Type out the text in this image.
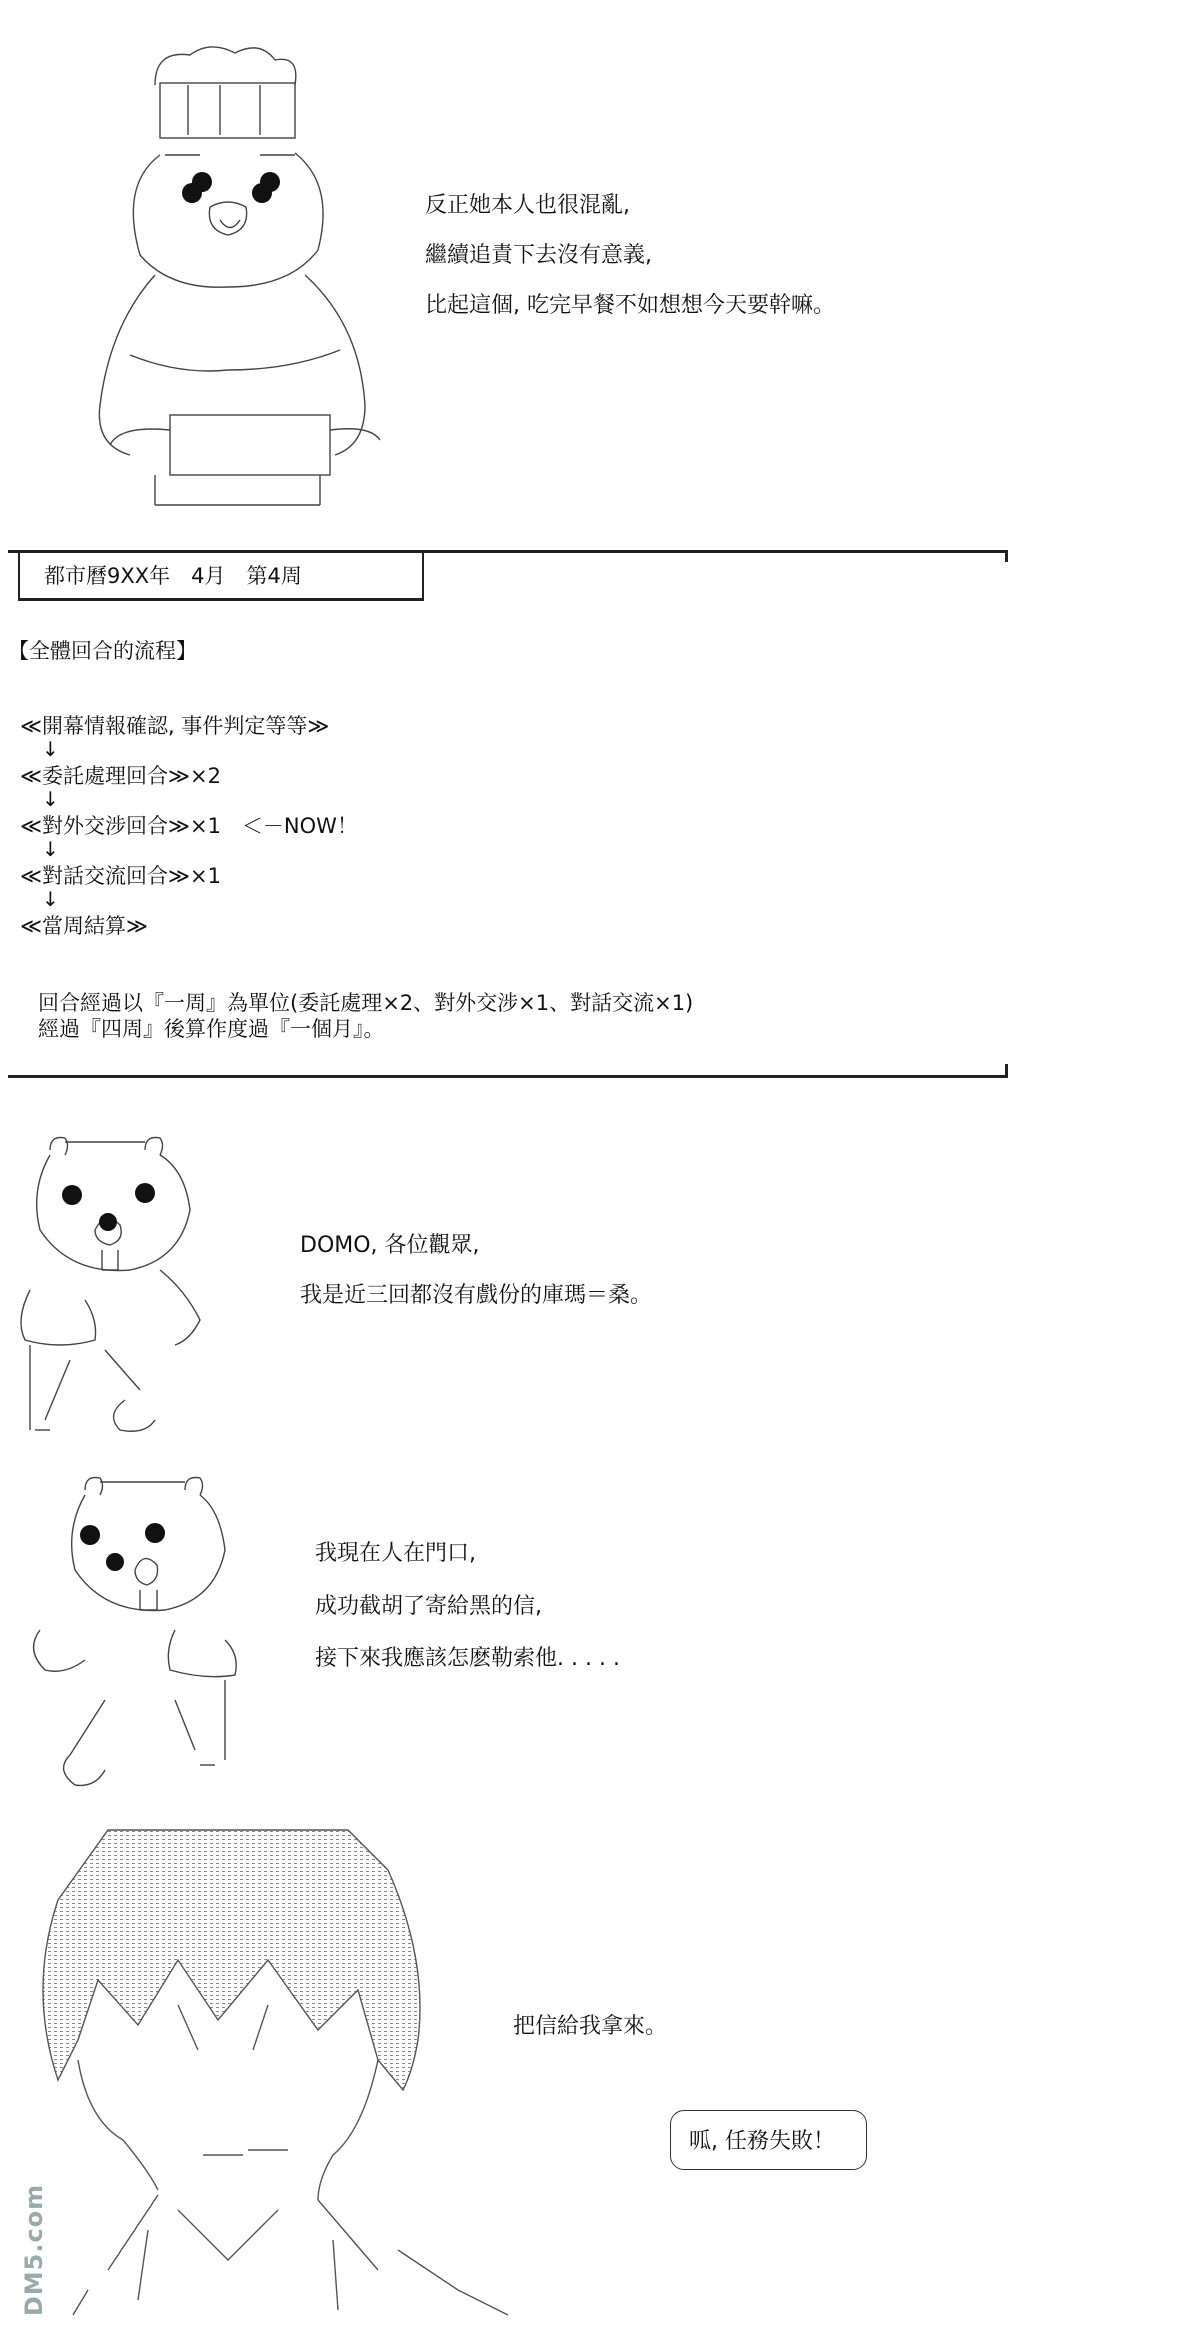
反正她本人也很混亂,
繼續追責下去沒有意義,
比起這個, 吃完早餐不如想想今天要幹嘛。
都市曆9XX年　4月　第4周
【全體回合的流程】
≪開幕情報確認, 事件判定等等≫
↓
≪委託處理回合≫×2
↓
≪對外交涉回合≫×1　＜－NOW！
↓
≪對話交流回合≫×1
↓
≪當周結算≫
回合經過以『一周』為單位(委託處理×2、對外交涉×1、對話交流×1)
經過『四周』後算作度過『一個月』。
DOMO, 各位觀眾,
我是近三回都沒有戲份的庫瑪＝桑。
我現在人在門口,
成功截胡了寄給黑的信,
接下來我應該怎麽勒索他. . . . .
把信給我拿來。
呱, 任務失敗！
DM5.com
